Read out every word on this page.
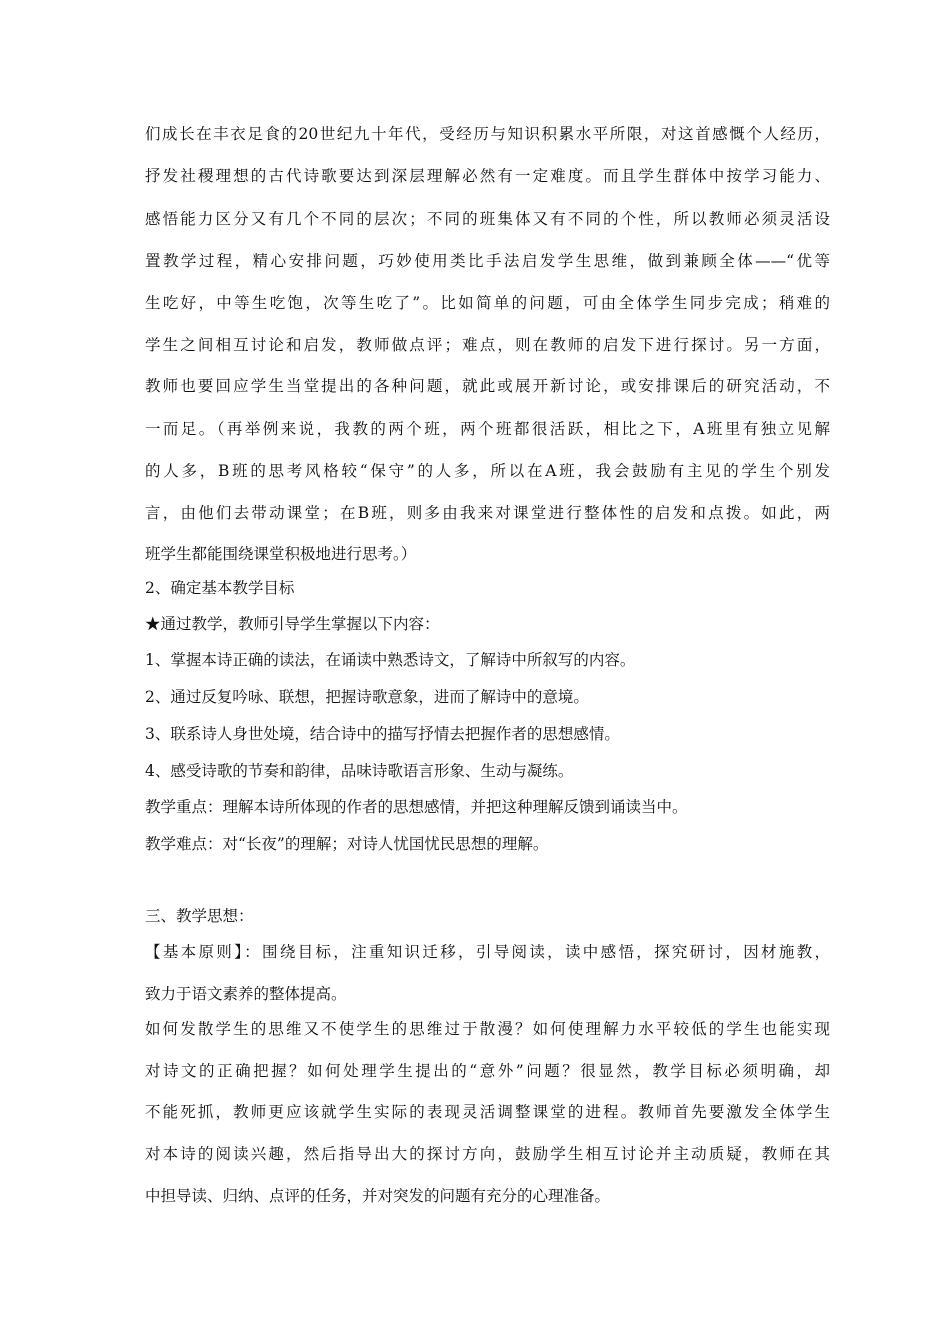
们成长在丰衣足食的20世纪九十年代，受经历与知识积累水平所限，对这首感慨个人经历，
抒发社稷理想的古代诗歌要达到深层理解必然有一定难度。而且学生群体中按学习能力、
感悟能力区分又有几个不同的层次；不同的班集体又有不同的个性，所以教师必须灵活设
置教学过程，精心安排问题，巧妙使用类比手法启发学生思维，做到兼顾全体——“优等
生吃好，中等生吃饱，次等生吃了”。比如简单的问题，可由全体学生同步完成；稍难的
学生之间相互讨论和启发，教师做点评；难点，则在教师的启发下进行探讨。另一方面，
教师也要回应学生当堂提出的各种问题，就此或展开新讨论，或安排课后的研究活动，不
一而足。（再举例来说，我教的两个班，两个班都很活跃，相比之下，A班里有独立见解
的人多，B班的思考风格较“保守”的人多，所以在A班，我会鼓励有主见的学生个别发
言，由他们去带动课堂；在B班，则多由我来对课堂进行整体性的启发和点拨。如此，两
班学生都能围绕课堂积极地进行思考。）
2、确定基本教学目标
★通过教学，教师引导学生掌握以下内容：
1、掌握本诗正确的读法，在诵读中熟悉诗文，了解诗中所叙写的内容。
2、通过反复吟咏、联想，把握诗歌意象，进而了解诗中的意境。
3、联系诗人身世处境，结合诗中的描写抒情去把握作者的思想感情。
4、感受诗歌的节奏和韵律，品味诗歌语言形象、生动与凝练。
教学重点：理解本诗所体现的作者的思想感情，并把这种理解反馈到诵读当中。
教学难点：对“长夜”的理解；对诗人忧国忧民思想的理解。
三、教学思想：
【基本原则】：围绕目标，注重知识迁移，引导阅读，读中感悟，探究研讨，因材施教，
致力于语文素养的整体提高。
如何发散学生的思维又不使学生的思维过于散漫？如何使理解力水平较低的学生也能实现
对诗文的正确把握？如何处理学生提出的“意外”问题？很显然，教学目标必须明确，却
不能死抓，教师更应该就学生实际的表现灵活调整课堂的进程。教师首先要激发全体学生
对本诗的阅读兴趣，然后指导出大的探讨方向，鼓励学生相互讨论并主动质疑，教师在其
中担导读、归纳、点评的任务，并对突发的问题有充分的心理准备。
